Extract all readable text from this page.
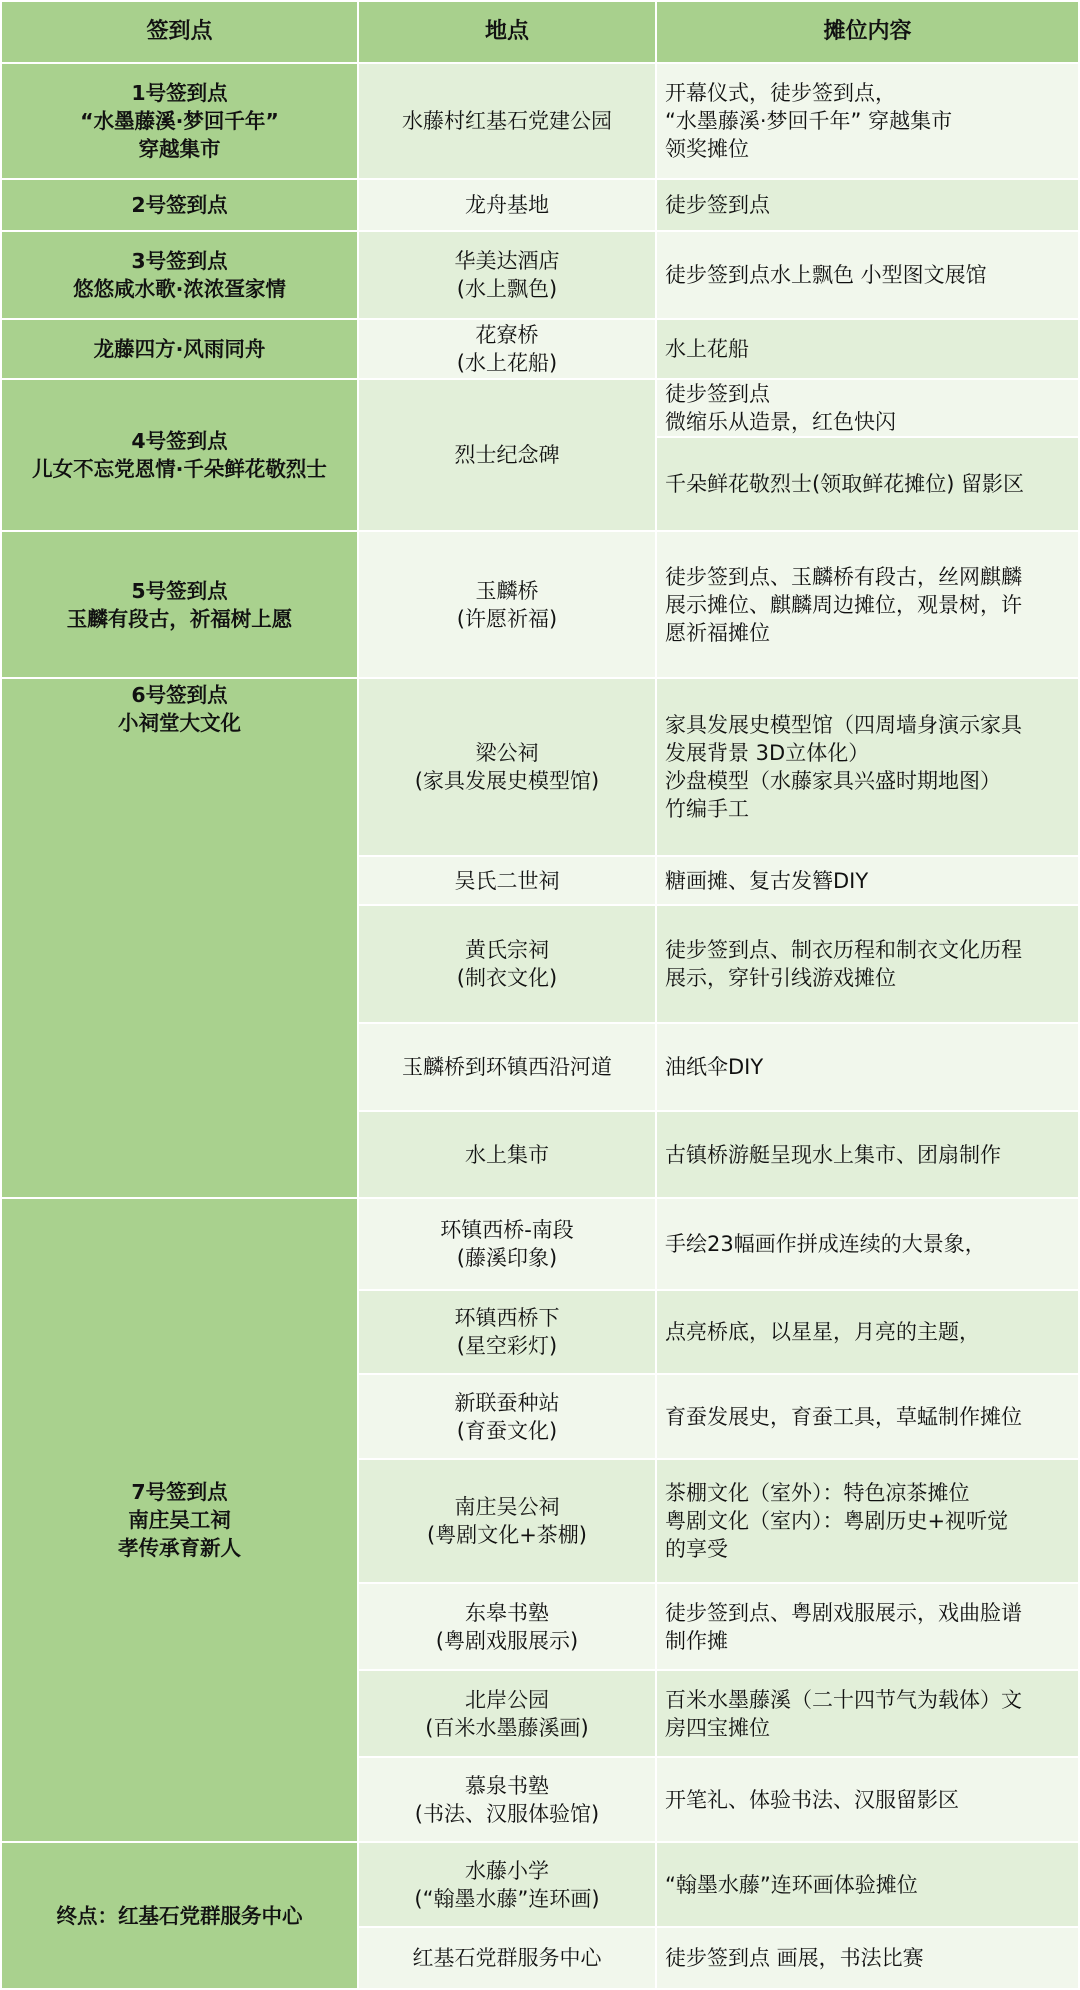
签到点	地点	摊位内容
1号签到点
“水墨藤溪·梦回千年”
穿越集市
2号签到点
3号签到点
悠悠咸水歌·浓浓疍家情
龙藤四方·风雨同舟
4号签到点
儿女不忘党恩情·千朵鲜花敬烈士
5号签到点
玉麟有段古，祈福树上愿
6号签到点
小祠堂大文化
7号签到点
南庄吴工祠
孝传承育新人
终点：红基石党群服务中心
水藤村红基石党建公园
龙舟基地
华美达酒店
(水上飘色)
花寮桥
(水上花船)
烈士纪念碑
玉麟桥
(许愿祈福)
梁公祠
(家具发展史模型馆)
吴氏二世祠
黄氏宗祠
(制衣文化)
玉麟桥到环镇西沿河道
水上集市
环镇西桥-南段
(藤溪印象)
环镇西桥下
(星空彩灯)
新联蚕种站
(育蚕文化)
南庄吴公祠
(粤剧文化+茶棚)
东皋书塾
(粤剧戏服展示)
北岸公园
(百米水墨藤溪画)
慕泉书塾
(书法、汉服体验馆)
水藤小学
(“翰墨水藤”连环画)
红基石党群服务中心
开幕仪式，徒步签到点，
“水墨藤溪·梦回千年” 穿越集市
领奖摊位
徒步签到点
徒步签到点水上飘色 小型图文展馆
水上花船
徒步签到点
微缩乐从造景，红色快闪
千朵鲜花敬烈士(领取鲜花摊位) 留影区
徒步签到点、玉麟桥有段古，丝网麒麟
展示摊位、麒麟周边摊位，观景树，许
愿祈福摊位
家具发展史模型馆（四周墙身演示家具
发展背景 3D立体化）
沙盘模型（水藤家具兴盛时期地图）
竹编手工
糖画摊、复古发簪DIY
徒步签到点、制衣历程和制衣文化历程
展示，穿针引线游戏摊位
油纸伞DIY
古镇桥游艇呈现水上集市、团扇制作
手绘23幅画作拼成连续的大景象，
点亮桥底，以星星，月亮的主题，
育蚕发展史，育蚕工具，草蜢制作摊位
茶棚文化（室外）：特色凉茶摊位
粤剧文化（室内）：粤剧历史+视听觉
的享受
徒步签到点、粤剧戏服展示，戏曲脸谱
制作摊
百米水墨藤溪（二十四节气为载体）文
房四宝摊位
开笔礼、体验书法、汉服留影区
“翰墨水藤”连环画体验摊位
徒步签到点 画展，书法比赛
